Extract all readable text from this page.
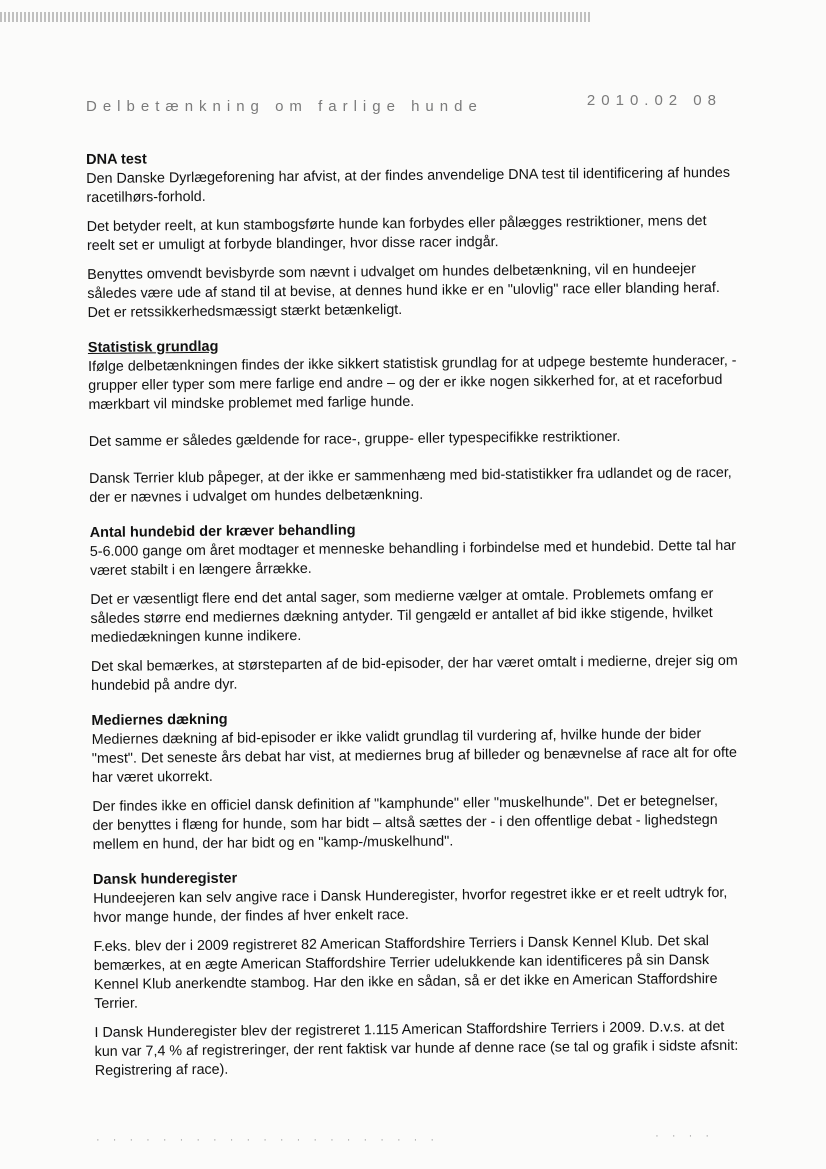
Delbetænkning om farlige hunde	2010.02 08
DNA test

Den Danske Dyrlægeforening har afvist, at der findes anvendelige DNA test til identificering af hundes racetilhørs-forhold.

Det betyder reelt, at kun stambogsførte hunde kan forbydes eller pålægges restriktioner, mens det reelt set er umuligt at forbyde blandinger, hvor disse racer indgår.

Benyttes omvendt bevisbyrde som nævnt i udvalget om hundes delbetænkning, vil en hundeejer således være ude af stand til at bevise, at dennes hund ikke er en "ulovlig" race eller blanding heraf. Det er retssikkerhedsmæssigt stærkt betænkeligt.

Statistisk grundlag

Ifølge delbetænkningen findes der ikke sikkert statistisk grundlag for at udpege bestemte hunderacer, -grupper eller typer som mere farlige end andre – og der er ikke nogen sikkerhed for, at et raceforbud mærkbart vil mindske problemet med farlige hunde.

Det samme er således gældende for race-, gruppe- eller typespecifikke restriktioner.

Dansk Terrier klub påpeger, at der ikke er sammenhæng med bid-statistikker fra udlandet og de racer, der er nævnes i udvalget om hundes delbetænkning.

Antal hundebid der kræver behandling

5-6.000 gange om året modtager et menneske behandling i forbindelse med et hundebid. Dette tal har været stabilt i en længere årrække.

Det er væsentligt flere end det antal sager, som medierne vælger at omtale. Problemets omfang er således større end mediernes dækning antyder. Til gengæld er antallet af bid ikke stigende, hvilket mediedækningen kunne indikere.

Det skal bemærkes, at størsteparten af de bid-episoder, der har været omtalt i medierne, drejer sig om hundebid på andre dyr.

Mediernes dækning

Mediernes dækning af bid-episoder er ikke validt grundlag til vurdering af, hvilke hunde der bider "mest". Det seneste års debat har vist, at mediernes brug af billeder og benævnelse af race alt for ofte har været ukorrekt.

Der findes ikke en officiel dansk definition af "kamphunde" eller "muskelhunde". Det er betegnelser, der benyttes i flæng for hunde, som har bidt – altså sættes der - i den offentlige debat - lighedstegn mellem en hund, der har bidt og en "kamp-/muskelhund".

Dansk hunderegister

Hundeejeren kan selv angive race i Dansk Hunderegister, hvorfor regestret ikke er et reelt udtryk for, hvor mange hunde, der findes af hver enkelt race.

F.eks. blev der i 2009 registreret 82 American Staffordshire Terriers i Dansk Kennel Klub. Det skal bemærkes, at en ægte American Staffordshire Terrier udelukkende kan identificeres på sin Dansk Kennel Klub anerkendte stambog. Har den ikke en sådan, så er det ikke en American Staffordshire Terrier.

I Dansk Hunderegister blev der registreret 1.115 American Staffordshire Terriers i 2009. D.v.s. at det kun var 7,4 % af registreringer, der rent faktisk var hunde af denne race (se tal og grafik i sidste afsnit: Registrering af race).

· · · · · · · · · · · · · · · · · · · · ·	· · · ·
